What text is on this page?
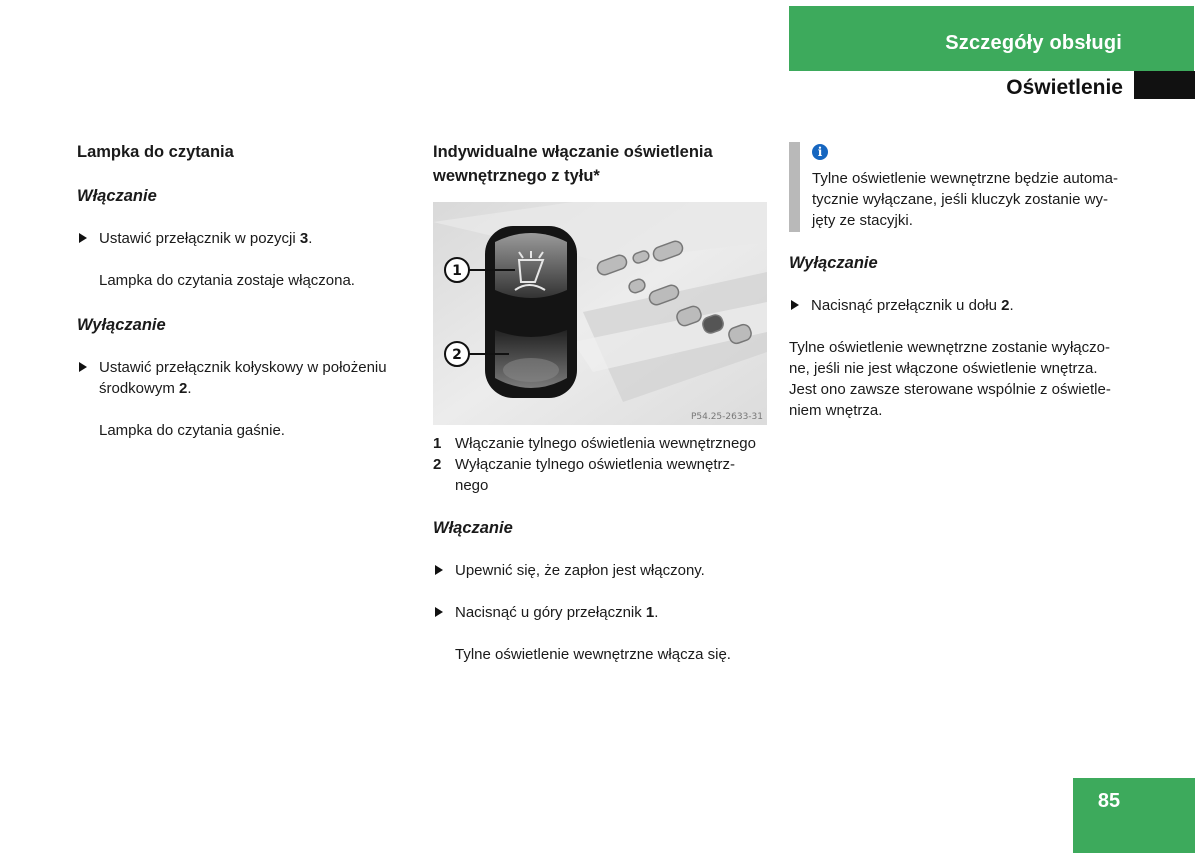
Szczegóły obsługi
Oświetlenie
Lampka do czytania
Włączanie

Ustawić przełącznik w pozycji 3.

Lampka do czytania zostaje włączona.

Wyłączanie

Ustawić przełącznik kołyskowy w położeniu środkowym 2.

Lampka do czytania gaśnie.

Indywidualne włączanie oświetlenia wewnętrznego z tyłu*
1
2
P54.25-2633-31
1 Włączanie tylnego oświetlenia wewnętrznego
2 Wyłączanie tylnego oświetlenia wewnętrz-nego
Włączanie

Upewnić się, że zapłon jest włączony.

Nacisnąć u góry przełącznik 1.

Tylne oświetlenie wewnętrzne włącza się.

i

Tylne oświetlenie wewnętrzne będzie automa-tycznie wyłączane, jeśli kluczyk zostanie wy-jęty ze stacyjki.

Wyłączanie

Nacisnąć przełącznik u dołu 2.

Tylne oświetlenie wewnętrzne zostanie wyłączo-ne, jeśli nie jest włączone oświetlenie wnętrza. Jest ono zawsze sterowane wspólnie z oświetle-niem wnętrza.

85
